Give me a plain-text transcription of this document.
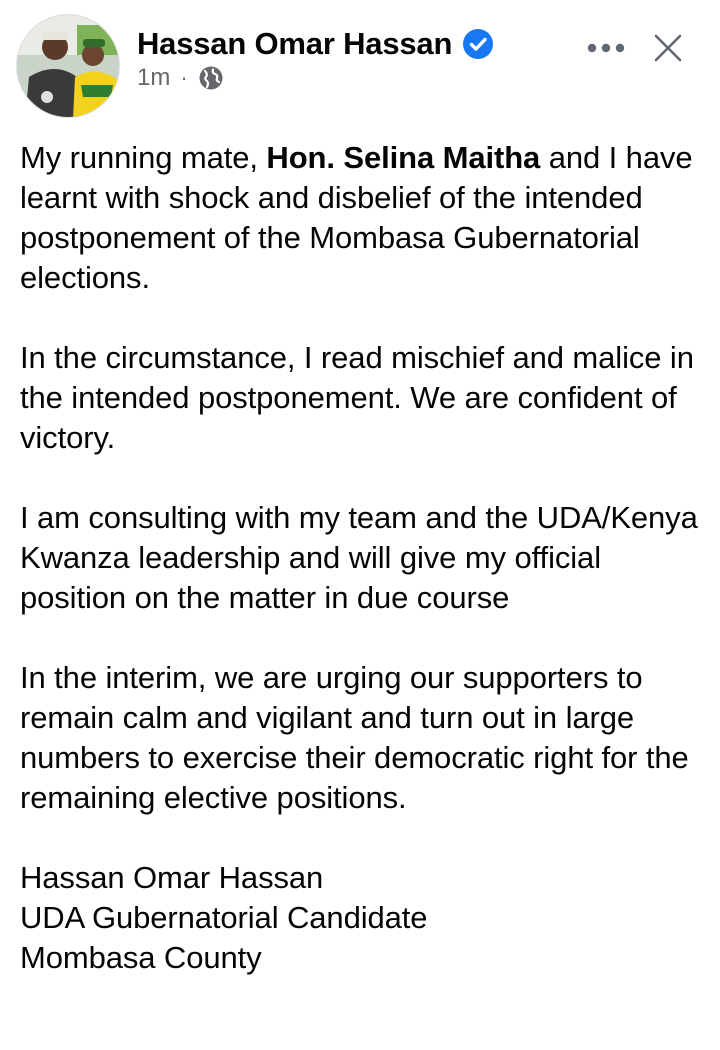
Hassan Omar Hassan
1m ·

My running mate, Hon. Selina Maitha and I have learnt with shock and disbelief of the intended postponement of the Mombasa Gubernatorial elections.

In the circumstance, I read mischief and malice in the intended postponement. We are confident of victory.

I am consulting with my team and the UDA/Kenya Kwanza leadership and will give my official position on the matter in due course

In the interim, we are urging our supporters to remain calm and vigilant and turn out in large numbers to exercise their democratic right for the remaining elective positions.

Hassan Omar Hassan
UDA Gubernatorial Candidate
Mombasa County
